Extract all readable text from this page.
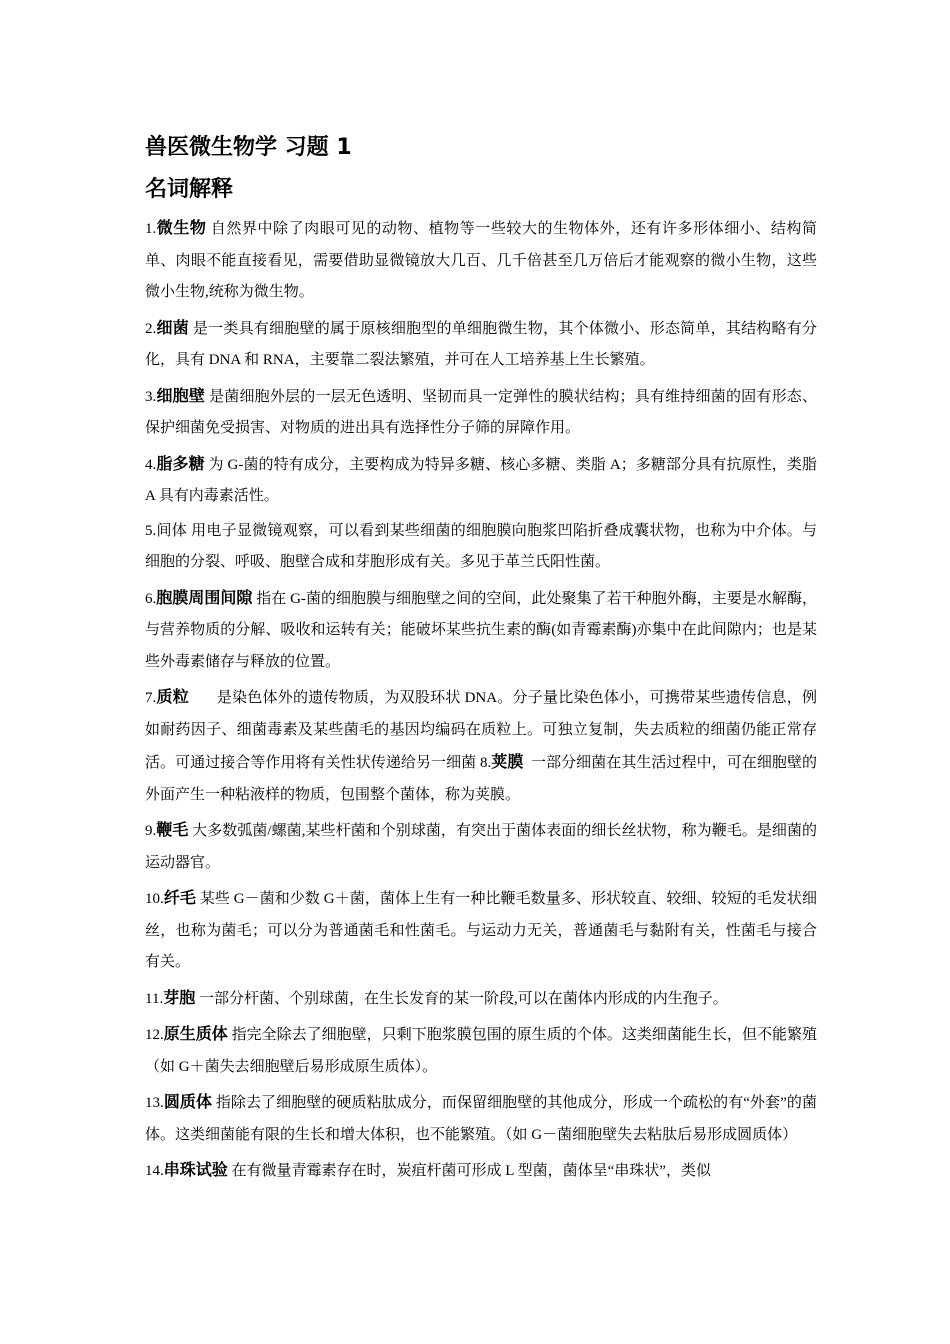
兽医微生物学 习题 1
名词解释

1.微生物 自然界中除了肉眼可见的动物、植物等一些较大的生物体外，还有许多形体细小、结构简单、肉眼不能直接看见，需要借助显微镜放大几百、几千倍甚至几万倍后才能观察的微小生物，这些微小生物,统称为微生物。

2.细菌 是一类具有细胞壁的属于原核细胞型的单细胞微生物，其个体微小、形态简单，其结构略有分化，具有 DNA 和 RNA，主要靠二裂法繁殖，并可在人工培养基上生长繁殖。

3.细胞壁 是菌细胞外层的一层无色透明、坚韧而具一定弹性的膜状结构；具有维持细菌的固有形态、保护细菌免受损害、对物质的进出具有选择性分子筛的屏障作用。

4.脂多糖 为 G-菌的特有成分，主要构成为特异多糖、核心多糖、类脂 A；多糖部分具有抗原性，类脂 A 具有内毒素活性。

5.间体 用电子显微镜观察，可以看到某些细菌的细胞膜向胞浆凹陷折叠成囊状物，也称为中介体。与细胞的分裂、呼吸、胞壁合成和芽胞形成有关。多见于革兰氏阳性菌。

6.胞膜周围间隙 指在 G-菌的细胞膜与细胞壁之间的空间，此处聚集了若干种胞外酶，主要是水解酶，与营养物质的分解、吸收和运转有关；能破坏某些抗生素的酶(如青霉素酶)亦集中在此间隙内；也是某些外毒素储存与释放的位置。

7.质粒       是染色体外的遗传物质，为双股环状 DNA。分子量比染色体小，可携带某些遗传信息，例如耐药因子、细菌毒素及某些菌毛的基因均编码在质粒上。可独立复制，失去质粒的细菌仍能正常存活。可通过接合等作用将有关性状传递给另一细菌 8.荚膜  一部分细菌在其生活过程中，可在细胞壁的外面产生一种粘液样的物质，包围整个菌体，称为荚膜。

9.鞭毛 大多数弧菌/螺菌,某些杆菌和个别球菌，有突出于菌体表面的细长丝状物，称为鞭毛。是细菌的运动器官。

10.纤毛 某些 G－菌和少数 G＋菌，菌体上生有一种比鞭毛数量多、形状较直、较细、较短的毛发状细丝，也称为菌毛；可以分为普通菌毛和性菌毛。与运动力无关，普通菌毛与黏附有关，性菌毛与接合有关。

11.芽胞 一部分杆菌、个别球菌，在生长发育的某一阶段,可以在菌体内形成的内生孢子。

12.原生质体 指完全除去了细胞壁，只剩下胞浆膜包围的原生质的个体。这类细菌能生长，但不能繁殖（如 G＋菌失去细胞壁后易形成原生质体）。

13.圆质体 指除去了细胞壁的硬质粘肽成分，而保留细胞壁的其他成分，形成一个疏松的有“外套”的菌体。这类细菌能有限的生长和增大体积，也不能繁殖。（如 G－菌细胞壁失去粘肽后易形成圆质体）

14.串珠试验 在有微量青霉素存在时，炭疽杆菌可形成 L 型菌，菌体呈“串珠状”，类似
